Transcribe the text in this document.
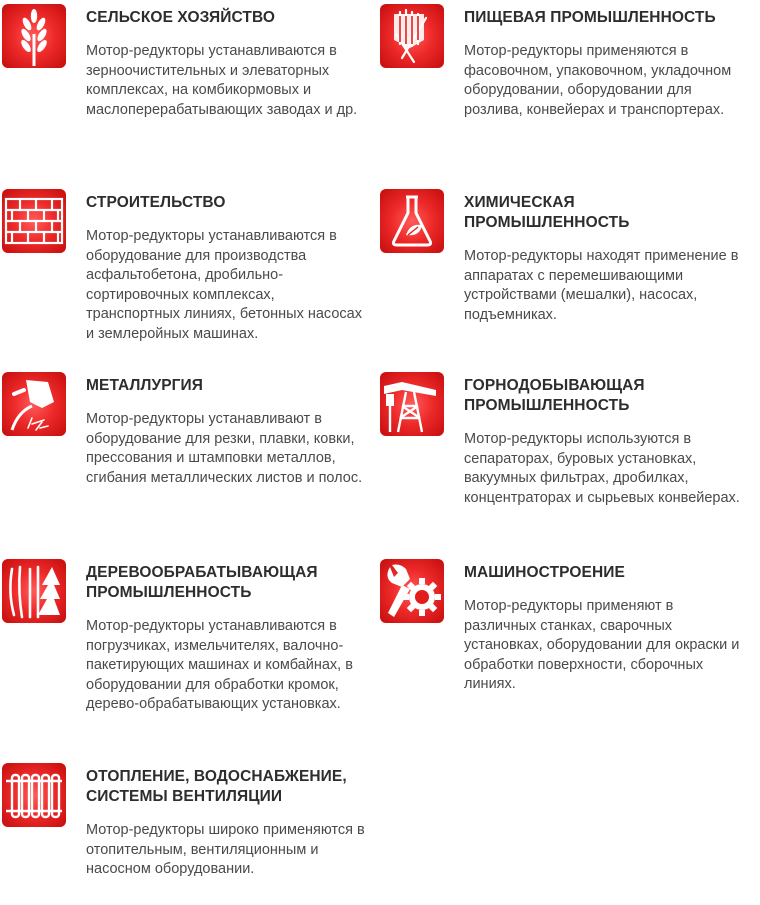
СЕЛЬСКОЕ ХОЗЯЙСТВО
Мотор-редукторы устанавливаются в зерноочистительных и элеваторных комплексах, на комбикормовых и маслоперерабатывающих заводах и др.
ПИЩЕВАЯ ПРОМЫШЛЕННОСТЬ
Мотор-редукторы применяются в фасовочном, упаковочном, укладочном оборудовании, оборудовании для розлива, конвейерах и транспортерах.
СТРОИТЕЛЬСТВО
Мотор-редукторы устанавливаются в оборудование для производства асфальтобетона, дробильно-сортировочных комплексах, транспортных линиях, бетонных насосах и землеройных машинах.
ХИМИЧЕСКАЯ ПРОМЫШЛЕННОСТЬ
Мотор-редукторы находят применение в аппаратах с перемешивающими устройствами (мешалки), насосах, подъемниках.
МЕТАЛЛУРГИЯ
Мотор-редукторы устанавливают в оборудование для резки, плавки, ковки, прессования и штамповки металлов, сгибания металлических листов и полос.
ГОРНОДОБЫВАЮЩАЯ ПРОМЫШЛЕННОСТЬ
Мотор-редукторы используются в сепараторах, буровых установках, вакуумных фильтрах, дробилках, концентраторах и сырьевых конвейерах.
ДЕРЕВООБРАБАТЫВАЮЩАЯ ПРОМЫШЛЕННОСТЬ
Мотор-редукторы устанавливаются в погрузчиках, измельчителях, валочно-пакетирующих машинах и комбайнах, в оборудовании для обработки кромок, дерево-обрабатывающих установках.
МАШИНОСТРОЕНИЕ
Мотор-редукторы применяют в различных станках, сварочных установках, оборудовании для окраски и обработки поверхности, сборочных линиях.
ОТОПЛЕНИЕ, ВОДОСНАБЖЕНИЕ, СИСТЕМЫ ВЕНТИЛЯЦИИ
Мотор-редукторы широко применяются в отопительным, вентиляционным и насосном оборудовании.
